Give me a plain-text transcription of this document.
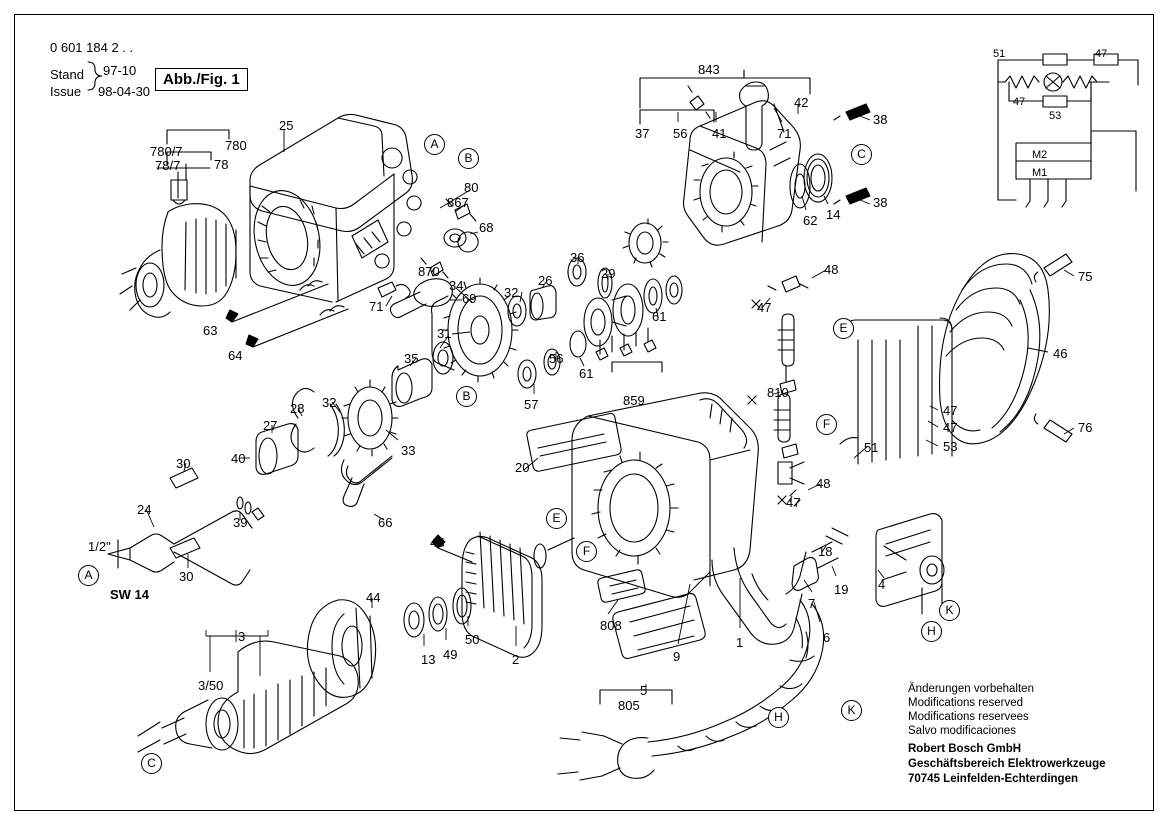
0 601 184 2 . .
Stand
Issue
97-10
98-04-30
Abb./Fig. 1
780/7	780
78/7	78
25
80
867
68
870
69
71
63
64
34	32
26
36
29
61
31
35
57
56
61
859
32
28
27
33
40
30
24
39
30
66
45
2
808
20
9
1	6
7
19
18
4
44
13 49
50
3
3/50	5
805
843
42
37 56 41	71
38
38
62 14
48
47
810
51
47
47
53
48
47
75
46
76
A
B
B
C
A
C
E
F
E
F
K
H
H	K
1/2"
SW 14
M2
M1
51	47
47
53
Änderungen vorbehalten
Modifications reserved
Modifications reservees
Salvo modificaciones
Robert Bosch GmbH
Geschäftsbereich Elektrowerkzeuge
70745 Leinfelden-Echterdingen
